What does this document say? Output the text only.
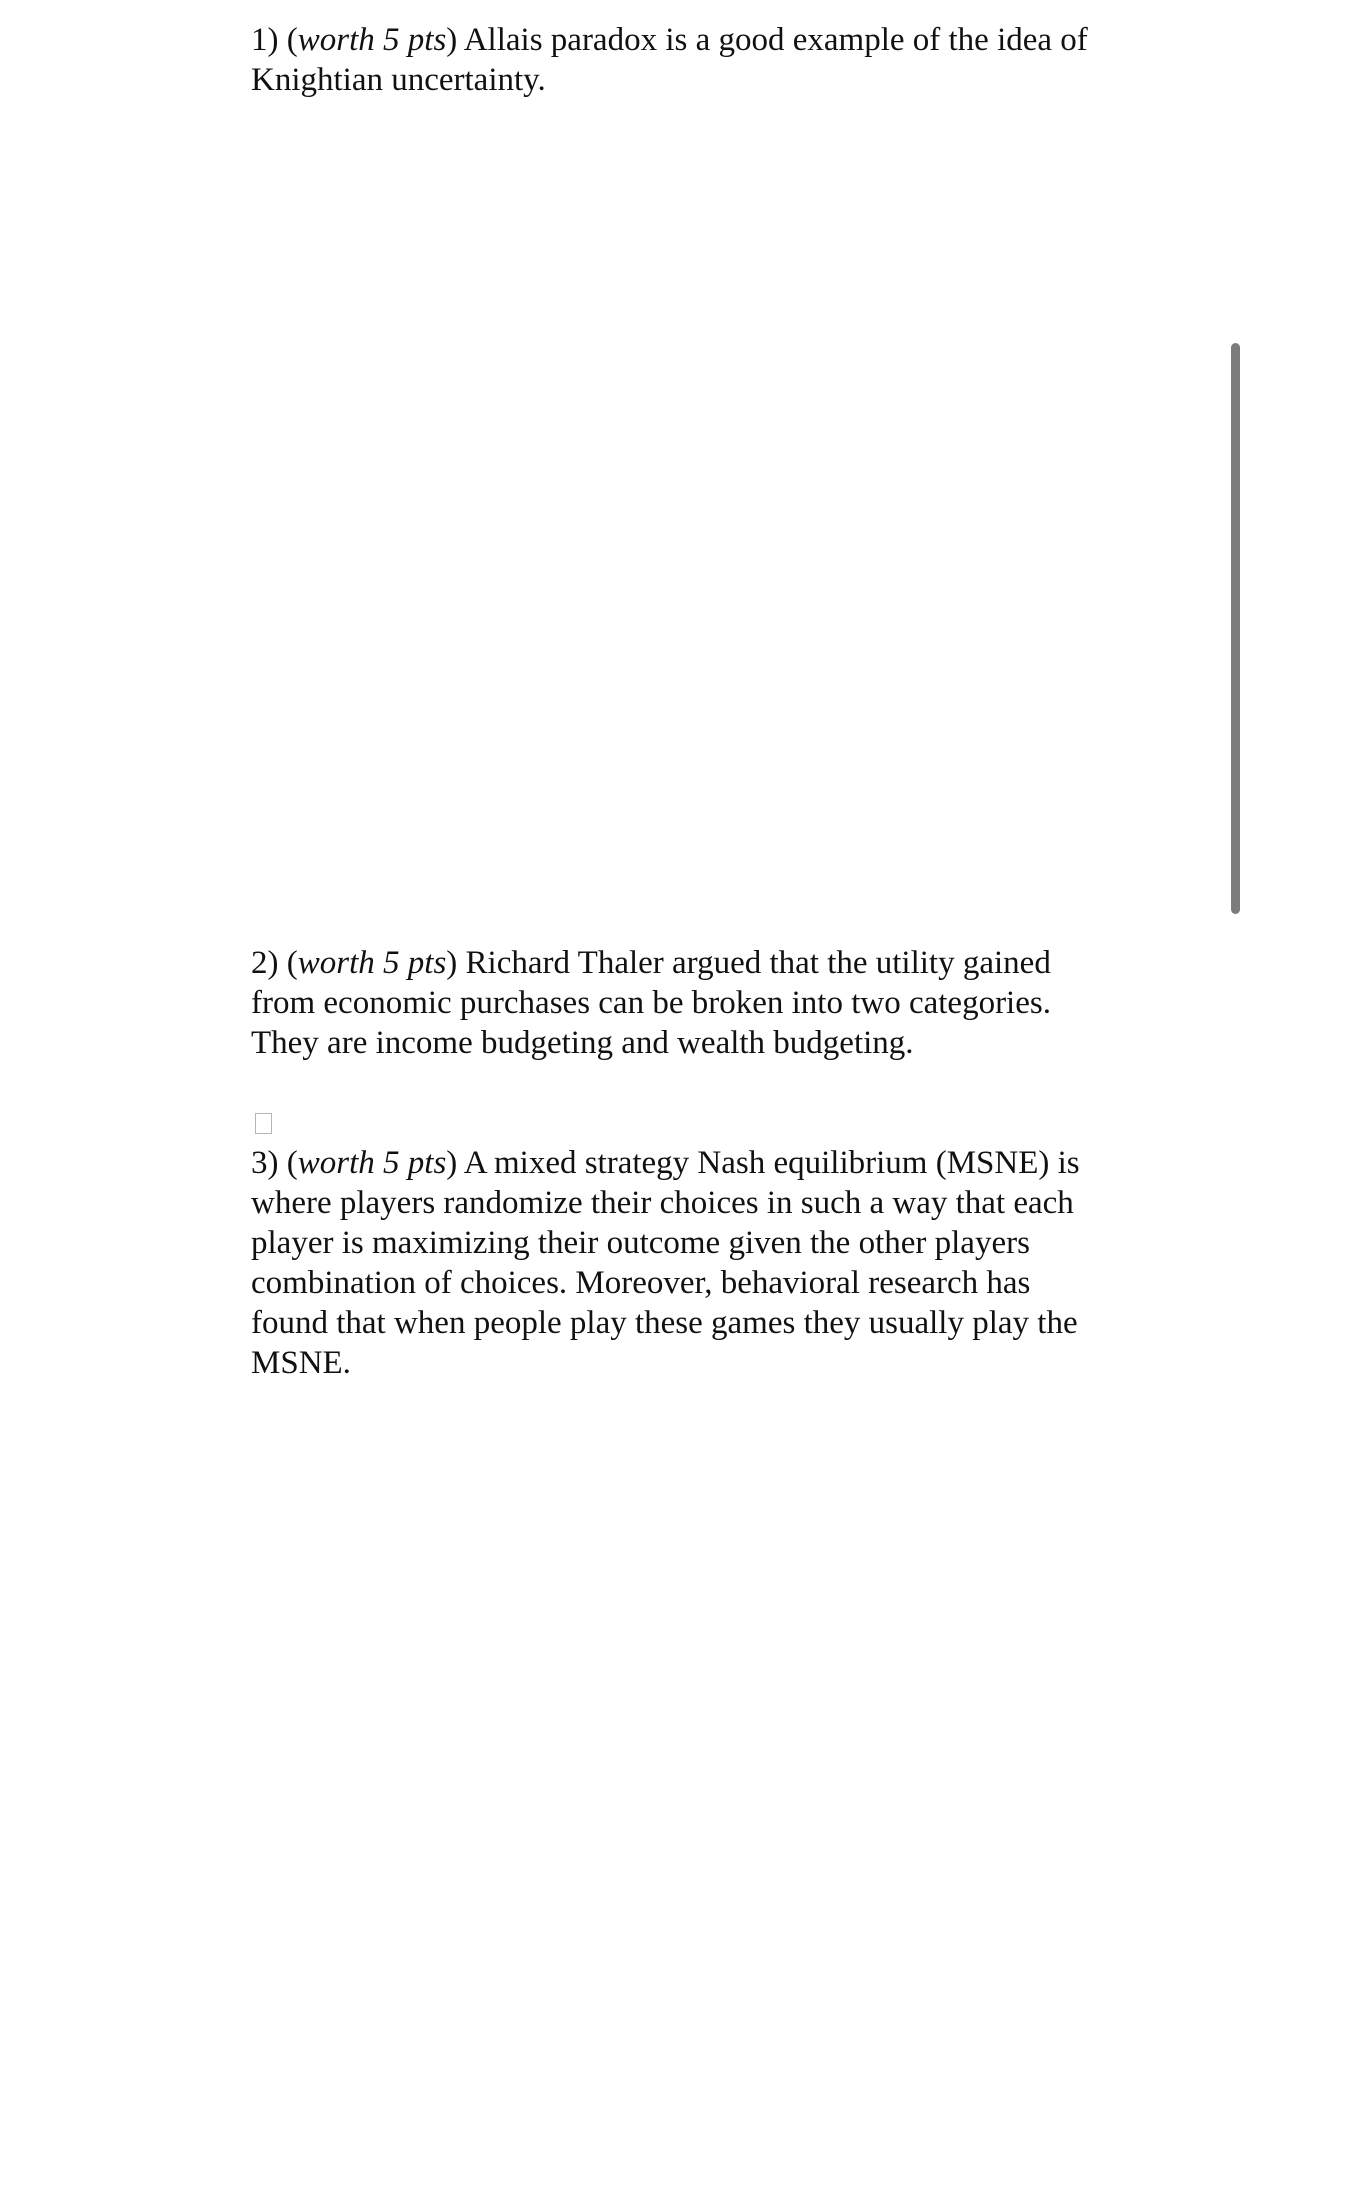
1) (worth 5 pts) Allais paradox is a good example of the idea of Knightian uncertainty.
2) (worth 5 pts) Richard Thaler argued that the utility gained from economic purchases can be broken into two categories. They are income budgeting and wealth budgeting.
3) (worth 5 pts) A mixed strategy Nash equilibrium (MSNE) is where players randomize their choices in such a way that each player is maximizing their outcome given the other players combination of choices. Moreover, behavioral research has found that when people play these games they usually play the MSNE.
